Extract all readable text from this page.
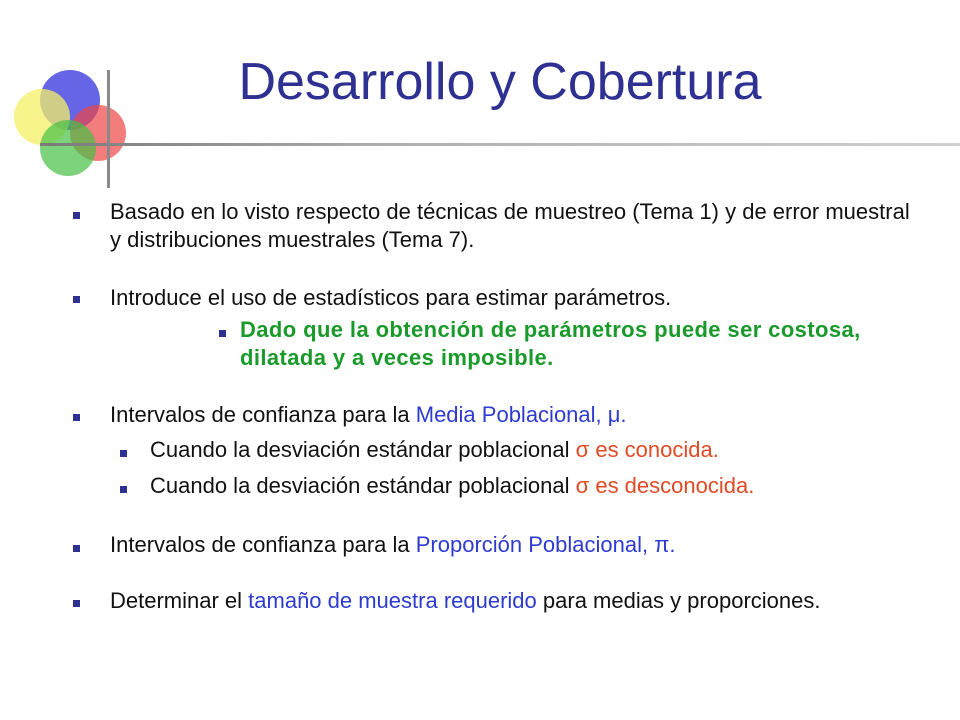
Desarrollo y Cobertura
Basado en lo visto respecto de técnicas de muestreo (Tema 1) y de error muestral y distribuciones muestrales (Tema 7).
Introduce el uso de estadísticos para estimar parámetros.
Dado que la obtención de parámetros puede ser costosa, dilatada y a veces imposible.
Intervalos de confianza para la Media Poblacional, μ.
Cuando la desviación estándar poblacional σ es conocida.
Cuando la desviación estándar poblacional σ es desconocida.
Intervalos de confianza para la Proporción Poblacional, π.
Determinar el tamaño de muestra requerido para medias y proporciones.
